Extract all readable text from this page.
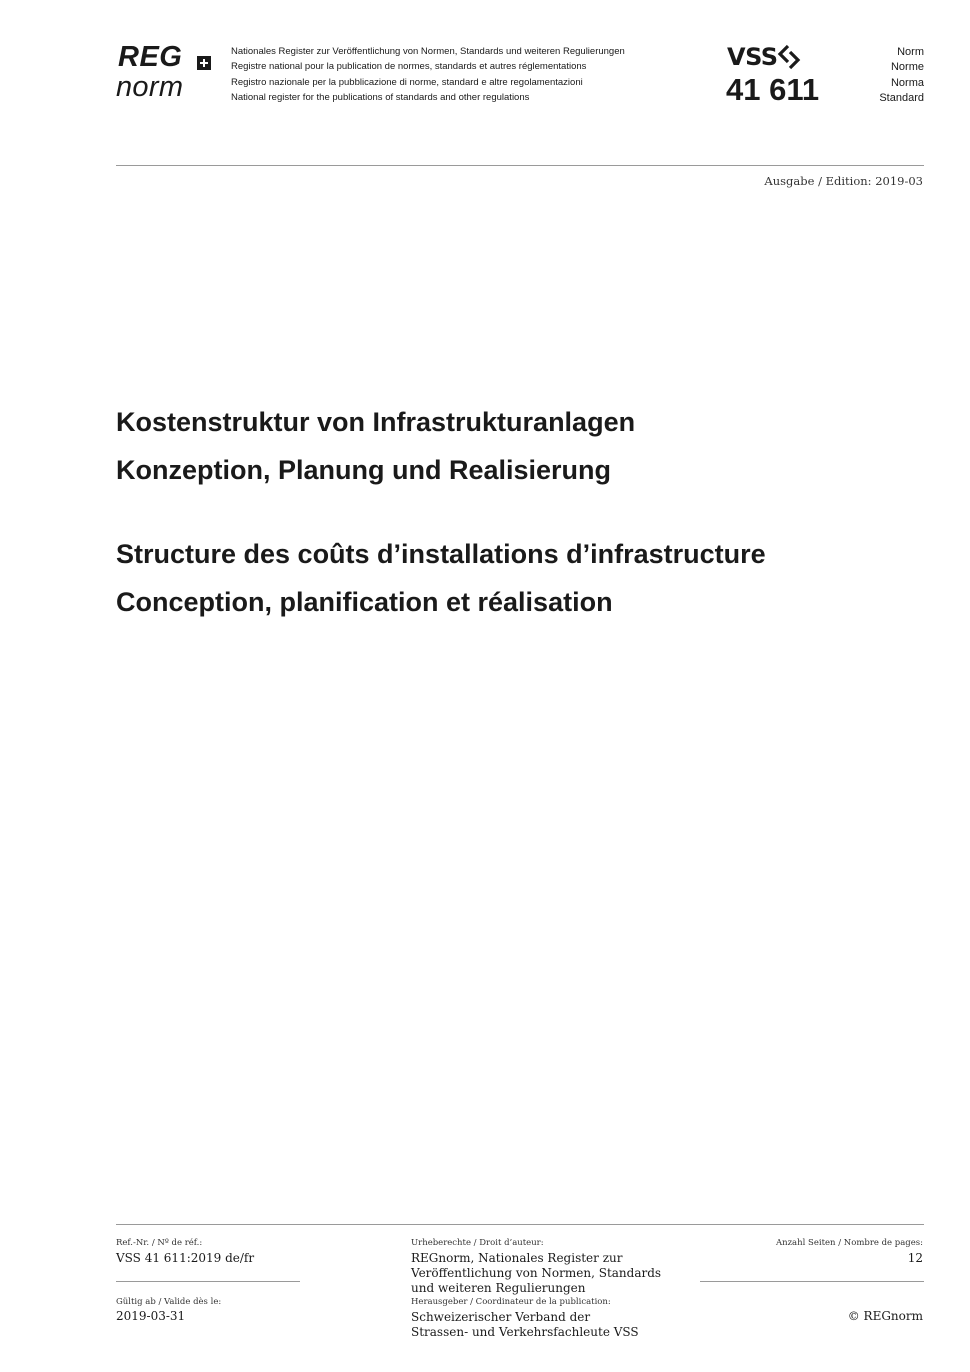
REG
norm
Nationales Register zur Veröffentlichung von Normen, Standards und weiteren Regulierungen
Registre national pour la publication de normes, standards et autres réglementations
Registro nazionale per la pubblicazione di norme, standard e altre regolamentazioni
National register for the publications of standards and other regulations
VSS
41 611
Norm
Norme
Norma
Standard
Ausgabe / Edition: 2019-03
Kostenstruktur von Infrastrukturanlagen
Konzeption, Planung und Realisierung
Structure des coûts d’installations d’infrastructure
Conception, planification et réalisation
Ref.-Nr. / Nº de réf.:
VSS 41 611:2019 de/fr
Gültig ab / Valide dès le:
2019-03-31
Urheberechte / Droit d’auteur:
REGnorm, Nationales Register zur
Veröffentlichung von Normen, Standards
und weiteren Regulierungen
Herausgeber / Coordinateur de la publication:
Schweizerischer Verband der
Strassen- und Verkehrsfachleute VSS
Anzahl Seiten / Nombre de pages:
12
© REGnorm
